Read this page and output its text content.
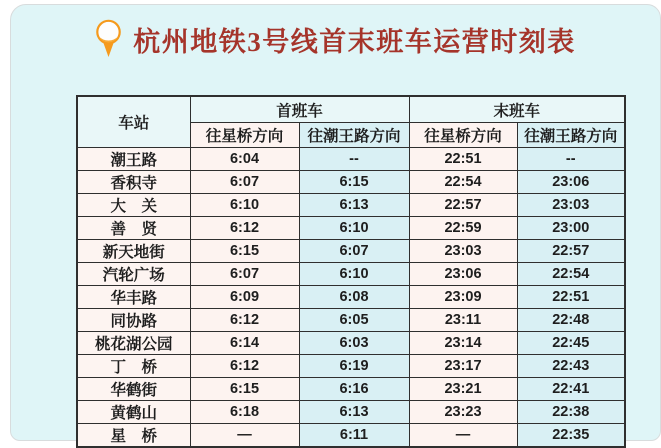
杭州地铁3号线首末班车运营时刻表
车站	首班车		末班车	
	往星桥方向	往潮王路方向	往星桥方向	往潮王路方向
潮王路	6:04	--	22:51	--
香积寺	6:07	6:15	22:54	23:06
大　关	6:10	6:13	22:57	23:03
善　贤	6:12	6:10	22:59	23:00
新天地街	6:15	6:07	23:03	22:57
汽轮广场	6:07	6:10	23:06	22:54
华丰路	6:09	6:08	23:09	22:51
同协路	6:12	6:05	23:11	22:48
桃花湖公园	6:14	6:03	23:14	22:45
丁　桥	6:12	6:19	23:17	22:43
华鹤街	6:15	6:16	23:21	22:41
黄鹤山	6:18	6:13	23:23	22:38
星　桥	—	6:11	—	22:35
